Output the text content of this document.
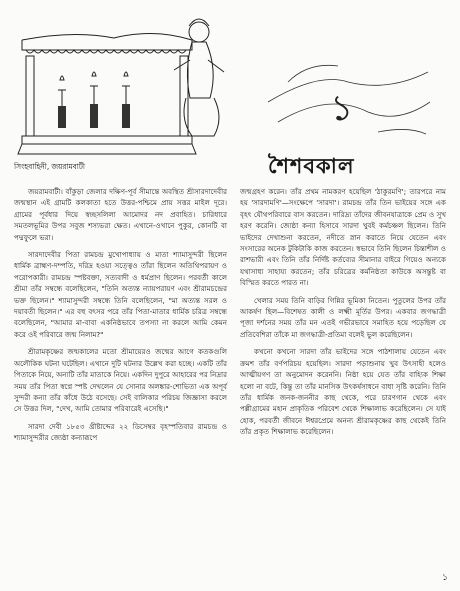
সিংহবাহিনী, জয়রামবাটী
১
শৈশবকাল

জয়রামবাটী। বাঁকুড়া জেলার দক্ষিণ-পূর্ব সীমান্তে অবস্থিত শ্রীসারদাদেবীর জন্মস্থান এই গ্রামটি কলকাতা হতে উত্তর-পশ্চিমে প্রায় সত্তর মাইল দূরে। গ্রামের পূর্বধার দিয়ে স্বচ্ছসলিলা আমোদর নদ প্রবাহিত। চারিধারে সমতলভূমির উপর সবুজ শস্যভরা ক্ষেত। এখানে-ওখানে পুকুর, কোনটি বা পদ্মফুলে ভরা।

সারদাদেবীর পিতা রামচন্দ্র মুখোপাধ্যায় ও মাতা শ্যামাসুন্দরী ছিলেন ধার্মিক ব্রাহ্মণ-দম্পতি, দরিদ্র হওয়া সত্ত্বেও তাঁরা ছিলেন অতিথিপরায়ণ ও পরোপকারী। রামচন্দ্র স্পষ্টবক্তা, সত্যবাদী ও ধর্মপ্রাণ ছিলেন। পরবর্তী কালে শ্রীমা তাঁর সম্বন্ধে বলেছিলেন, "তিনি অত্যন্ত ন্যায়পরায়ণ এবং শ্রীরামচন্দ্রের ভক্ত ছিলেন।" শ্যামাসুন্দরী সম্বন্ধে তিনি বলেছিলেন, "মা অত্যন্ত সরল ও দয়াবতী ছিলেন।" এর বহু বৎসর পরে তাঁর পিতা-মাতার ধার্মিক চরিত্র সম্বন্ধে বলেছিলেন, "আমার মা-বাবা একনিষ্ঠভাবে তপস্যা না করলে আমি কেমন করে ওই পরিবারে জন্ম নিলাম?"

শ্রীরামকৃষ্ণের জন্মকালের মতো শ্রীমায়েরও জন্মের আগে কতকগুলি অলৌকিক ঘটনা ঘটেছিল। এখানে দুটি ঘটনার উল্লেখ করা হচ্ছে। একটি তাঁর পিতাকে নিয়ে, অন্যটি তাঁর মাতাকে নিয়ে। একদিন দুপুরে আহারের পর নিদ্রার সময় তাঁর পিতা স্বপ্নে স্পষ্ট দেখলেন যে সোনার অলঙ্কার-শোভিতা এক অপূর্ব সুন্দরী কন্যা তাঁর কাঁধে উঠে বসেছে। সেই বালিকার পরিচয় জিজ্ঞাসা করলে সে উত্তর দিল, "দেখ, আমি তোমার পরিবারেই এসেছি।"

সারদা দেবী ১৮৫৩ খ্রীষ্টাব্দের ২২ ডিসেম্বর বৃহস্পতিবার রামচন্দ্র ও শ্যামাসুন্দরীর জ্যেষ্ঠা কন্যারূপে

জন্মগ্রহণ করেন। তাঁর প্রথম নামকরণ হয়েছিল 'ঠাকুরমণি'; তারপরে নাম হয় 'সারদামণি'—সংক্ষেপে 'সারদা'। রামচন্দ্র তাঁর তিন ভাইয়ের সঙ্গে এক বৃহৎ যৌথপরিবারে বাস করতেন। দারিদ্র্য তাঁদের জীবনযাত্রাকে প্রেম ও সুখ হরণ করেনি। জ্যেষ্ঠা কন্যা হিসাবে সারদা খুবই কর্মচঞ্চল ছিলেন। তিনি ভাইদের দেখাশুনা করতেন, নদীতে স্নান করাতে নিয়ে যেতেন এবং সংসারের অনেক টুকিটাকি কাজ করতেন। স্বভাবে তিনি ছিলেন চিন্তাশীল ও রাশভারী এবং তিনি তাঁর নির্দিষ্ট কর্তব্যের সীমানার বাইরে গিয়েও অন্যকে যথাসাধ্য সাহায্য করতেন; তাঁর চরিত্রের কর্মনিষ্ঠতা কাউকে অসন্তুষ্ট বা বিস্মিত করতে পারত না।

খেলার সময় তিনি বাড়ির গিন্নির ভূমিকা নিতেন। পুতুলের উপর তাঁর আকর্ষণ ছিল—বিশেষত কালী ও লক্ষ্মী মূর্তির উপর। একবার জগদ্ধাত্রী পূজা দর্শনের সময় তাঁর মন এতই গভীরভাবে সমাহিত হয়ে পড়েছিল যে প্রতিবেশিরা তাঁকে মা জগদ্ধাত্রী-প্রতিমা বলেই ভুল করেছিলেন।

কখনো কখনো সারদা তাঁর ভাইদের সঙ্গে পাঠশালায় যেতেন এবং ক্রমশ তাঁর বর্ণপরিচয় হয়েছিল। সারদা পড়াশুনায় খুব উৎসাহী হলেও আত্মীয়গণ তা অনুমোদন করেননি। নিষ্ঠা হয়ে যেত তাঁর বাহ্যিক শিক্ষা হলো না বটে, কিন্তু তা তাঁর মানসিক উৎকর্ষসাধনে বাধা সৃষ্টি করেনি। তিনি তাঁর ধার্মিক জনক-জননীর কাছ থেকে, পরে চারণগান থেকে এবং পল্লীগ্রামের মহান প্রাকৃতিক পরিবেশ থেকে শিক্ষালাভ করেছিলেন। সে যাই হোক, পরবর্তী জীবনে ঈশ্বরপ্রেমে অনন্য শ্রীরামকৃষ্ণের কাছ থেকেই তিনি তাঁর প্রকৃত শিক্ষালাভ করেছিলেন।

১
